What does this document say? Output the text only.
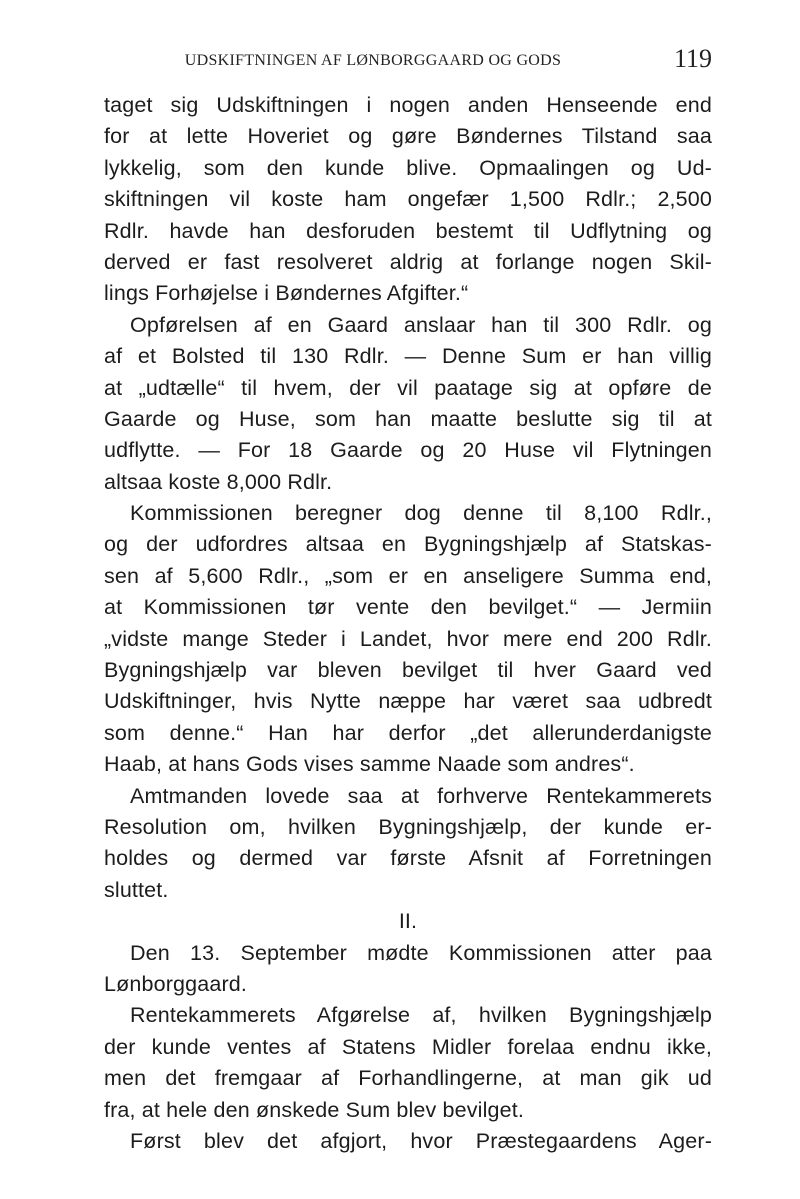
UDSKIFTNINGEN AF LØNBORGGAARD OG GODS	119
taget sig Udskiftningen i nogen anden Henseende end
for at lette Hoveriet og gøre Bøndernes Tilstand saa
lykkelig, som den kunde blive. Opmaalingen og Ud-
skiftningen vil koste ham ongefær 1,500 Rdlr.; 2,500
Rdlr. havde han desforuden bestemt til Udflytning og
derved er fast resolveret aldrig at forlange nogen Skil-
lings Forhøjelse i Bøndernes Afgifter.“
Opførelsen af en Gaard anslaar han til 300 Rdlr. og
af et Bolsted til 130 Rdlr. — Denne Sum er han villig
at „udtælle“ til hvem, der vil paatage sig at opføre de
Gaarde og Huse, som han maatte beslutte sig til at
udflytte. — For 18 Gaarde og 20 Huse vil Flytningen
altsaa koste 8,000 Rdlr.
Kommissionen beregner dog denne til 8,100 Rdlr.,
og der udfordres altsaa en Bygningshjælp af Statskas-
sen af 5,600 Rdlr., „som er en anseligere Summa end,
at Kommissionen tør vente den bevilget.“ — Jermiin
„vidste mange Steder i Landet, hvor mere end 200 Rdlr.
Bygningshjælp var bleven bevilget til hver Gaard ved
Udskiftninger, hvis Nytte næppe har været saa udbredt
som denne.“ Han har derfor „det allerunderdanigste
Haab, at hans Gods vises samme Naade som andres“.
Amtmanden lovede saa at forhverve Rentekammerets
Resolution om, hvilken Bygningshjælp, der kunde er-
holdes og dermed var første Afsnit af Forretningen
sluttet.
II.
Den 13. September mødte Kommissionen atter paa
Lønborggaard.
Rentekammerets Afgørelse af, hvilken Bygningshjælp
der kunde ventes af Statens Midler forelaa endnu ikke,
men det fremgaar af Forhandlingerne, at man gik ud
fra, at hele den ønskede Sum blev bevilget.
Først blev det afgjort, hvor Præstegaardens Ager-
